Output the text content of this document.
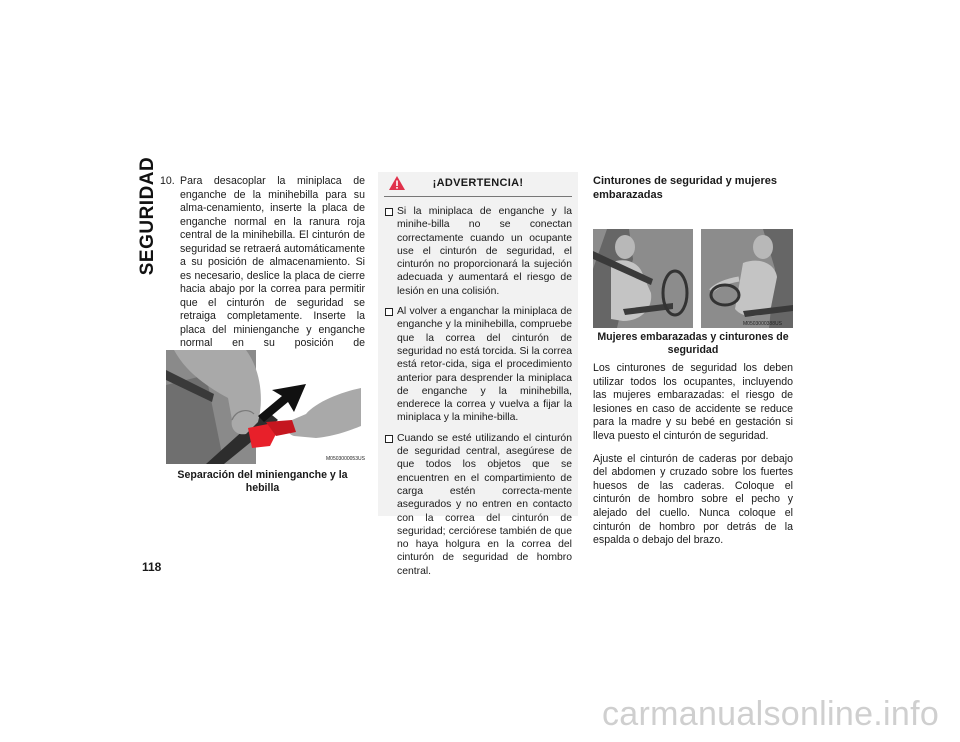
SEGURIDAD 10. Para desacoplar la miniplaca de enganche de la minihebilla para su alma-cenamiento, inserte la placa de enganche normal en la ranura roja central de la minihebilla. El cinturón de seguridad se retraerá automáticamente a su posición de almacenamiento. Si es necesario, deslice la placa de cierre hacia abajo por la correa para permitir que el cinturón de seguridad se retraiga completamente. Inserte la placa del minienganche y enganche normal en su posición de

M0503000053US
Separación del minienganche y la hebilla
¡ADVERTENCIA!
Si la miniplaca de enganche y la minihe-billa no se conectan correctamente cuando un ocupante use el cinturón de seguridad, el cinturón no proporcionará la sujeción adecuada y aumentará el riesgo de lesión en una colisión.
Al volver a enganchar la miniplaca de enganche y la minihebilla, compruebe que la correa del cinturón de seguridad no está torcida. Si la correa está retor-cida, siga el procedimiento anterior para desprender la miniplaca de enganche y la minihebilla, enderece la correa y vuelva a fijar la miniplaca y la minihe-billa.
Cuando se esté utilizando el cinturón de seguridad central, asegúrese de que todos los objetos que se encuentren en el compartimiento de carga estén correcta-mente asegurados y no entren en contacto con la correa del cinturón de seguridad; cerciórese también de que no haya holgura en la correa del cinturón de seguridad de hombro central.
Cinturones de seguridad y mujeres embarazadas
M0503000388US
Mujeres embarazadas y cinturones de seguridad

Los cinturones de seguridad los deben utilizar todos los ocupantes, incluyendo las mujeres embarazadas: el riesgo de lesiones en caso de accidente se reduce para la madre y su bebé en gestación si lleva puesto el cinturón de seguridad.

Ajuste el cinturón de caderas por debajo del abdomen y cruzado sobre los fuertes huesos de las caderas. Coloque el cinturón de hombro sobre el pecho y alejado del cuello. Nunca coloque el cinturón de hombro por detrás de la espalda o debajo del brazo.

118
carmanualsonline.info
